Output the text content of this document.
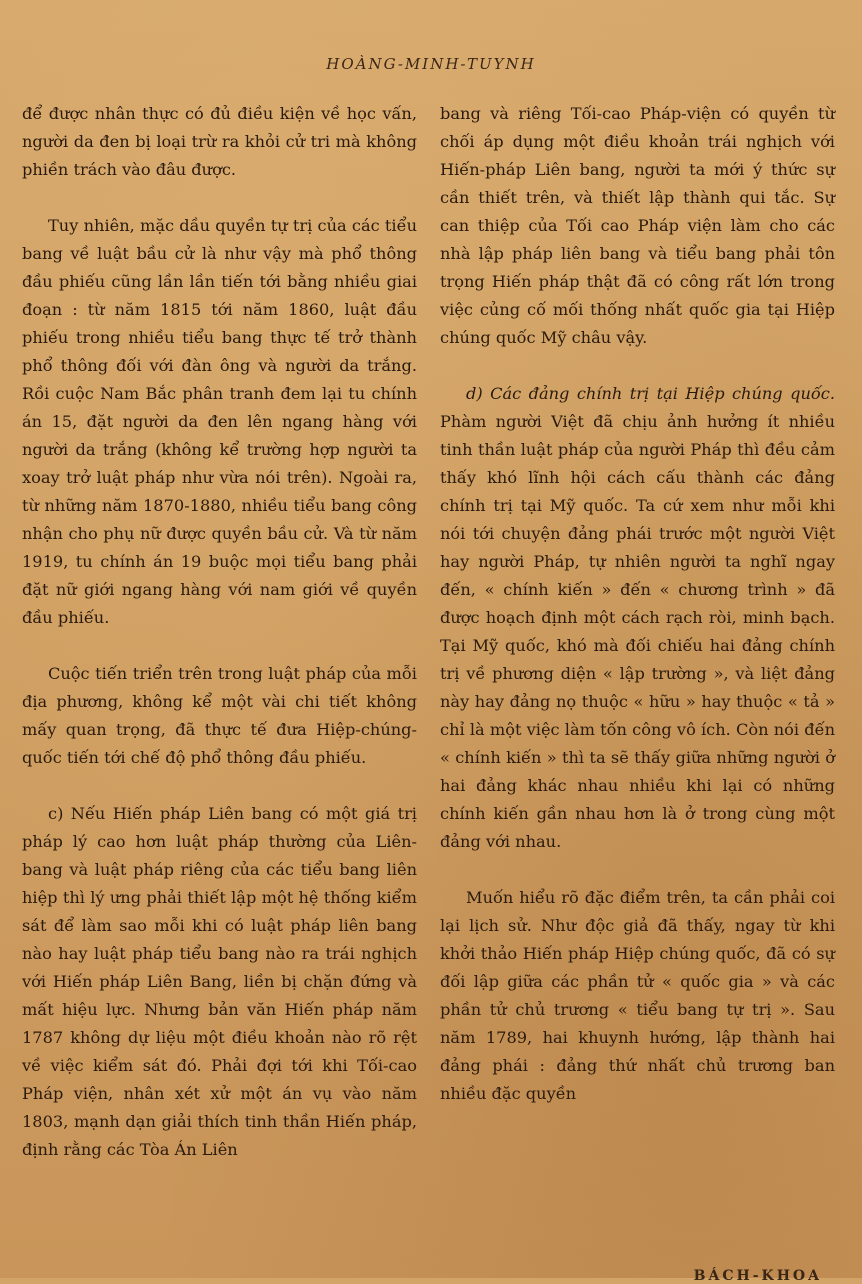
HOÀNG-MINH-TUYNH

để được nhân thực có đủ điều kiện về học vấn, người da đen bị loại trừ ra khỏi cử tri mà không phiền trách vào đâu được.

Tuy nhiên, mặc dầu quyền tự trị của các tiểu bang về luật bầu cử là như vậy mà phổ thông đầu phiếu cũng lần lần tiến tới bằng nhiều giai đoạn : từ năm 1815 tới năm 1860, luật đầu phiếu trong nhiều tiểu bang thực tế trở thành phổ thông đối với đàn ông và người da trắng. Rồi cuộc Nam Bắc phân tranh đem lại tu chính án 15, đặt người da đen lên ngang hàng với người da trắng (không kể trường hợp người ta xoay trở luật pháp như vừa nói trên). Ngoài ra, từ những năm 1870-1880, nhiều tiểu bang công nhận cho phụ nữ được quyền bầu cử. Và từ năm 1919, tu chính án 19 buộc mọi tiểu bang phải đặt nữ giới ngang hàng với nam giới về quyền đầu phiếu.

Cuộc tiến triển trên trong luật pháp của mỗi địa phương, không kể một vài chi tiết không mấy quan trọng, đã thực tế đưa Hiệp-chúng-quốc tiến tới chế độ phổ thông đầu phiếu.

c) Nếu Hiến pháp Liên bang có một giá trị pháp lý cao hơn luật pháp thường của Liên-bang và luật pháp riêng của các tiểu bang liên hiệp thì lý ưng phải thiết lập một hệ thống kiểm sát để làm sao mỗi khi có luật pháp liên bang nào hay luật pháp tiểu bang nào ra trái nghịch với Hiến pháp Liên Bang, liền bị chặn đứng và mất hiệu lực. Nhưng bản văn Hiến pháp năm 1787 không dự liệu một điều khoản nào rõ rệt về việc kiểm sát đó. Phải đợi tới khi Tối-cao Pháp viện, nhân xét xử một án vụ vào năm 1803, mạnh dạn giải thích tinh thần Hiến pháp, định rằng các Tòa Án Liên

bang và riêng Tối-cao Pháp-viện có quyền từ chối áp dụng một điều khoản trái nghịch với Hiến-pháp Liên bang, người ta mới ý thức sự cần thiết trên, và thiết lập thành qui tắc. Sự can thiệp của Tối cao Pháp viện làm cho các nhà lập pháp liên bang và tiểu bang phải tôn trọng Hiến pháp thật đã có công rất lớn trong việc củng cố mối thống nhất quốc gia tại Hiệp chúng quốc Mỹ châu vậy.

d) Các đảng chính trị tại Hiệp chúng quốc. Phàm người Việt đã chịu ảnh hưởng ít nhiều tinh thần luật pháp của người Pháp thì đều cảm thấy khó lĩnh hội cách cấu thành các đảng chính trị tại Mỹ quốc. Ta cứ xem như mỗi khi nói tới chuyện đảng phái trước một người Việt hay người Pháp, tự nhiên người ta nghĩ ngay đến, « chính kiến » đến « chương trình » đã được hoạch định một cách rạch ròi, minh bạch. Tại Mỹ quốc, khó mà đối chiếu hai đảng chính trị về phương diện « lập trường », và liệt đảng này hay đảng nọ thuộc « hữu » hay thuộc « tả » chỉ là một việc làm tốn công vô ích. Còn nói đến « chính kiến » thì ta sẽ thấy giữa những người ở hai đảng khác nhau nhiều khi lại có những chính kiến gần nhau hơn là ở trong cùng một đảng với nhau.

Muốn hiểu rõ đặc điểm trên, ta cần phải coi lại lịch sử. Như độc giả đã thấy, ngay từ khi khởi thảo Hiến pháp Hiệp chúng quốc, đã có sự đối lập giữa các phần tử « quốc gia » và các phần tử chủ trương « tiểu bang tự trị ». Sau năm 1789, hai khuynh hướng, lập thành hai đảng phái : đảng thứ nhất chủ trương ban nhiều đặc quyền

BÁCH-KHOA
